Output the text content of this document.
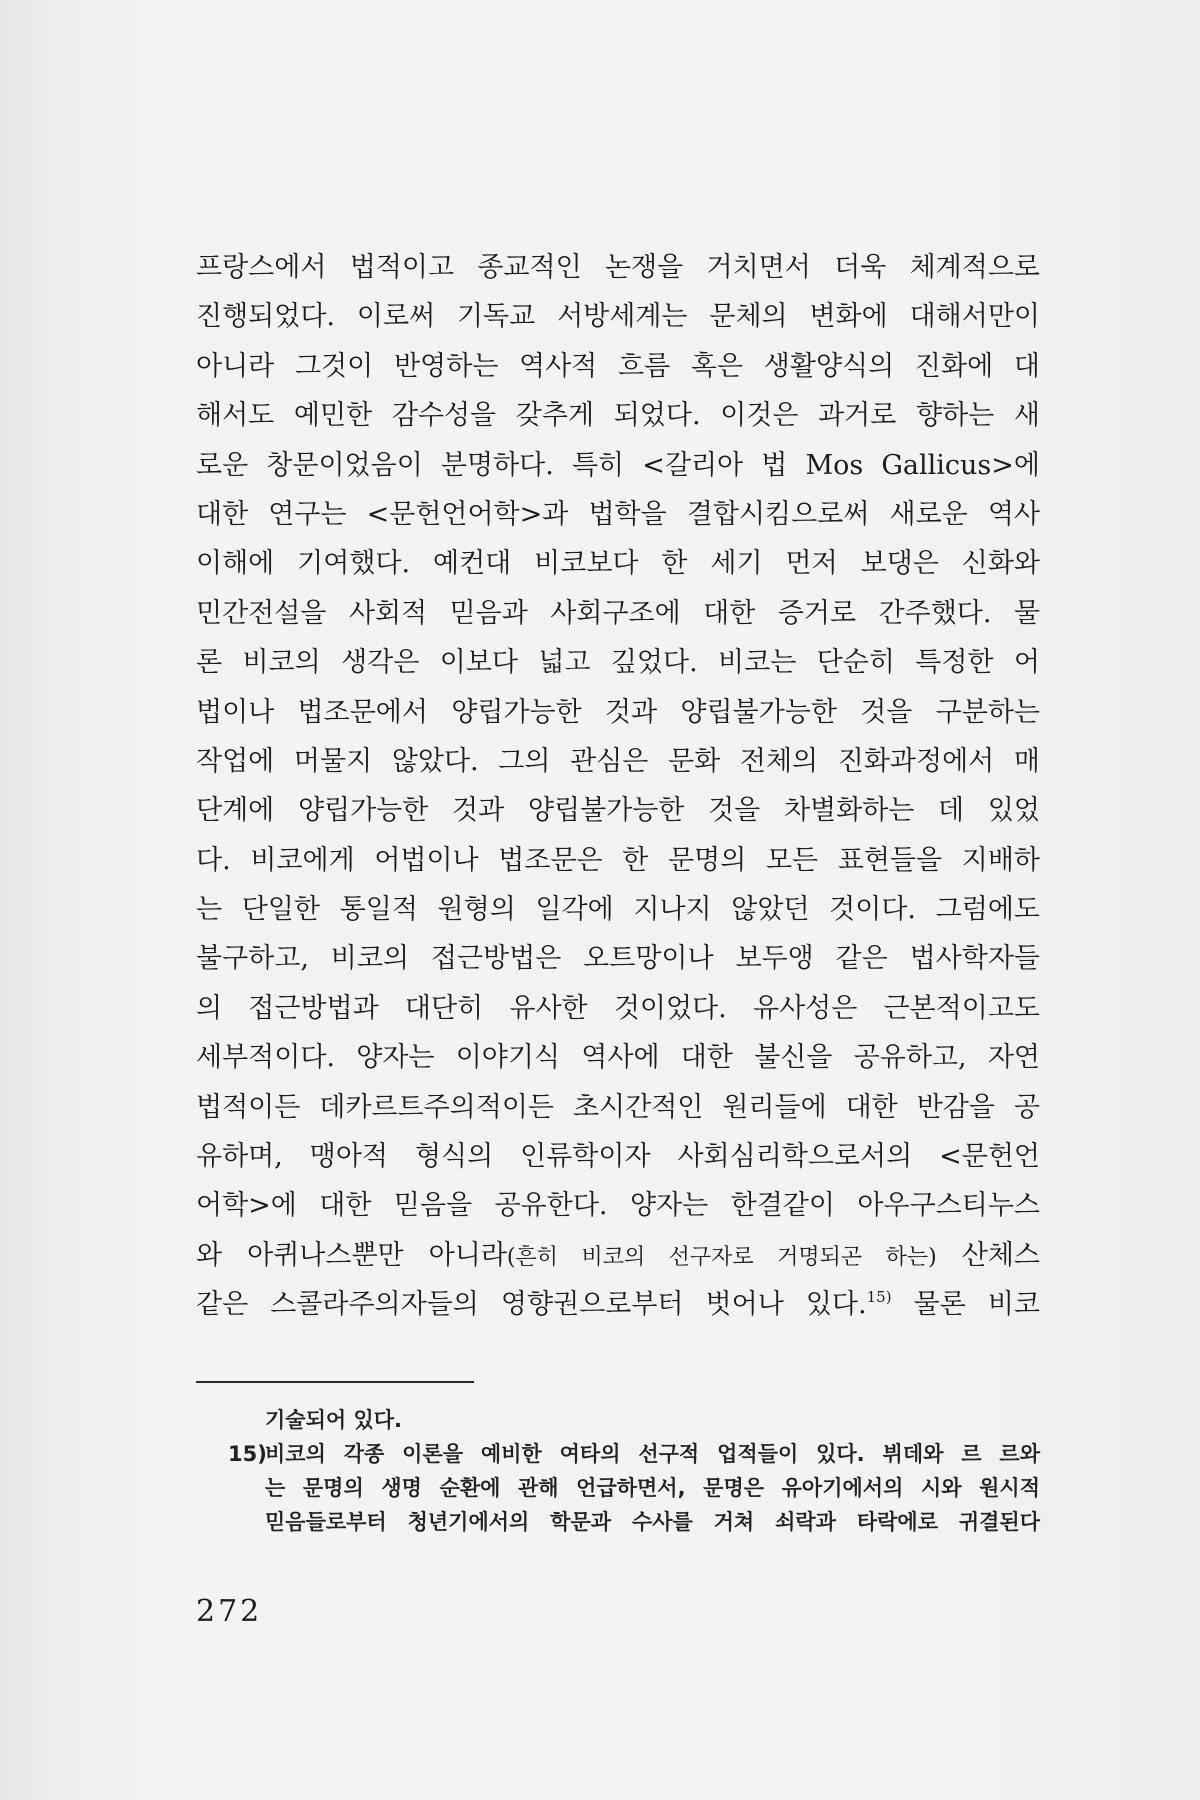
프랑스에서 법적이고 종교적인 논쟁을 거치면서 더욱 체계적으로
진행되었다. 이로써 기독교 서방세계는 문체의 변화에 대해서만이
아니라 그것이 반영하는 역사적 흐름 혹은 생활양식의 진화에 대
해서도 예민한 감수성을 갖추게 되었다. 이것은 과거로 향하는 새
로운 창문이었음이 분명하다. 특히 <갈리아 법 Mos Gallicus>에
대한 연구는 <문헌언어학>과 법학을 결합시킴으로써 새로운 역사
이해에 기여했다. 예컨대 비코보다 한 세기 먼저 보댕은 신화와
민간전설을 사회적 믿음과 사회구조에 대한 증거로 간주했다. 물
론 비코의 생각은 이보다 넓고 깊었다. 비코는 단순히 특정한 어
법이나 법조문에서 양립가능한 것과 양립불가능한 것을 구분하는
작업에 머물지 않았다. 그의 관심은 문화 전체의 진화과정에서 매
단계에 양립가능한 것과 양립불가능한 것을 차별화하는 데 있었
다. 비코에게 어법이나 법조문은 한 문명의 모든 표현들을 지배하
는 단일한 통일적 원형의 일각에 지나지 않았던 것이다. 그럼에도
불구하고, 비코의 접근방법은 오트망이나 보두앵 같은 법사학자들
의 접근방법과 대단히 유사한 것이었다. 유사성은 근본적이고도
세부적이다. 양자는 이야기식 역사에 대한 불신을 공유하고, 자연
법적이든 데카르트주의적이든 초시간적인 원리들에 대한 반감을 공
유하며, 맹아적 형식의 인류학이자 사회심리학으로서의 <문헌언
어학>에 대한 믿음을 공유한다. 양자는 한결같이 아우구스티누스
와 아퀴나스뿐만 아니라(흔히 비코의 선구자로 거명되곤 하는) 산체스
같은 스콜라주의자들의 영향권으로부터 벗어나 있다.$^{15)}$ 물론 비코
기술되어 있다.
15)
비코의 각종 이론을 예비한 여타의 선구적 업적들이 있다. 뷔데와 르 르와
는 문명의 생명 순환에 관해 언급하면서, 문명은 유아기에서의 시와 원시적
믿음들로부터 청년기에서의 학문과 수사를 거쳐 쇠락과 타락에로 귀결된다
272
